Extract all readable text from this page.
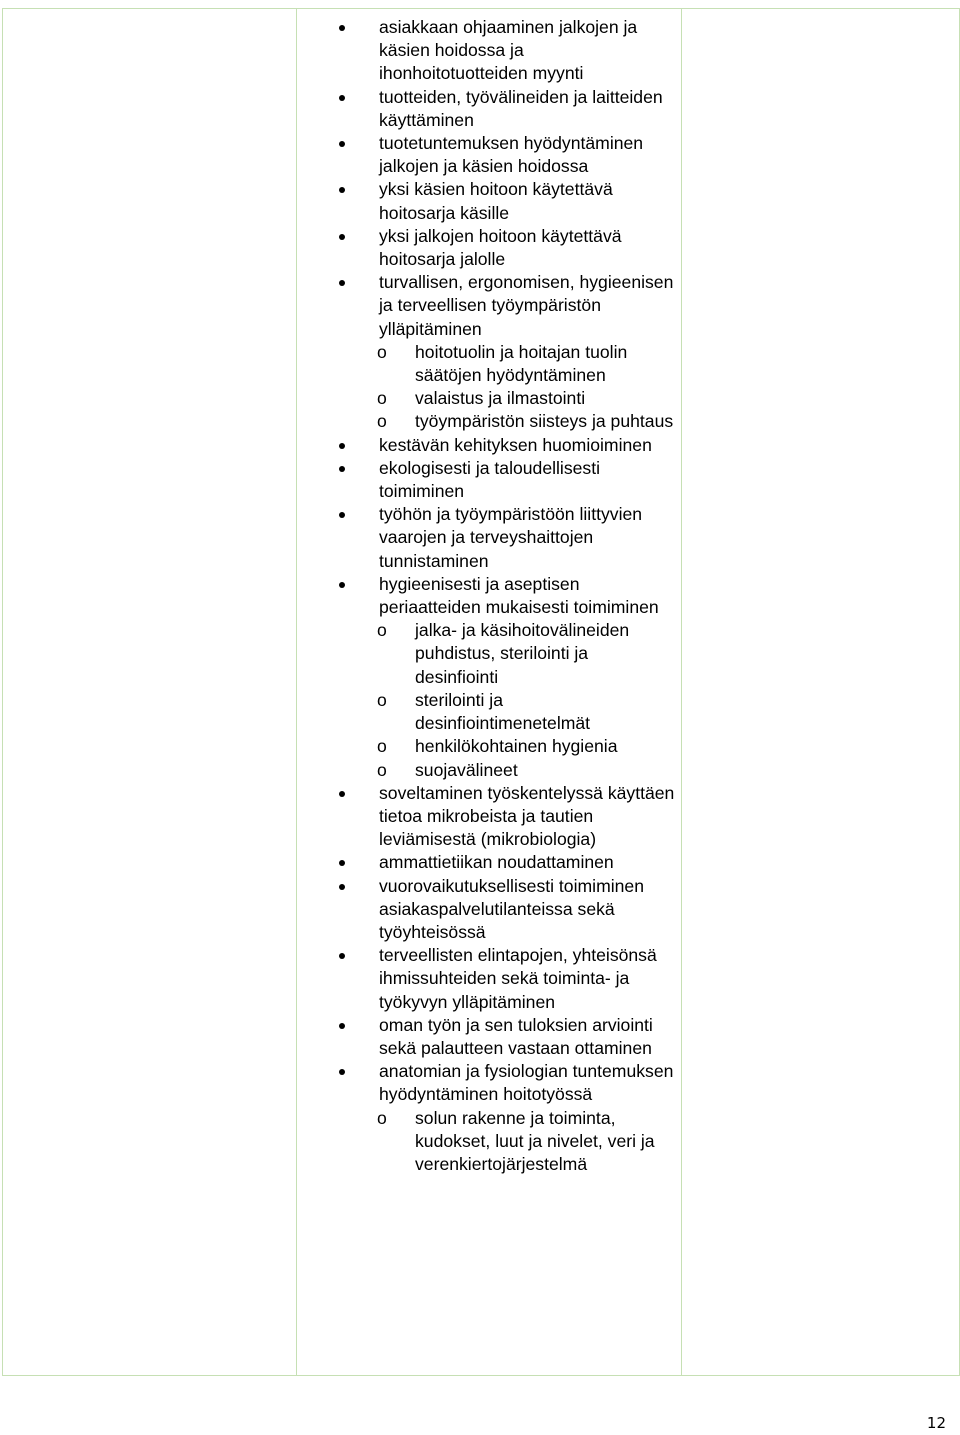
asiakkaan ohjaaminen jalkojen ja käsien hoidossa ja ihonhoitotuotteiden myynti
tuotteiden, työvälineiden ja laitteiden käyttäminen
tuotetuntemuksen hyödyntäminen jalkojen ja käsien hoidossa
yksi käsien hoitoon käytettävä hoitosarja käsille
yksi jalkojen hoitoon käytettävä hoitosarja jalolle
turvallisen, ergonomisen, hygieenisen ja terveellisen työympäristön ylläpitäminen
o hoitotuolin ja hoitajan tuolin säätöjen hyödyntäminen
o valaistus ja ilmastointi
o työympäristön siisteys ja puhtaus
kestävän kehityksen huomioiminen
ekologisesti ja taloudellisesti toimiminen
työhön ja työympäristöön liittyvien vaarojen ja terveyshaittojen tunnistaminen
hygieenisesti ja aseptisen periaatteiden mukaisesti toimiminen
o jalka- ja käsihoitovälineiden puhdistus, sterilointi ja desinfiointi
o sterilointi ja desinfiointimenetelmät
o henkilökohtainen hygienia
o suojavälineet
soveltaminen työskentelyssä käyttäen tietoa mikrobeista ja tautien leviämisestä (mikrobiologia)
ammattietiikan noudattaminen
vuorovaikutuksellisesti toimiminen asiakaspalvelutilanteissa sekä työyhteisössä
terveellisten elintapojen, yhteisönsä ihmissuhteiden sekä toiminta- ja työkyvyn ylläpitäminen
oman työn ja sen tuloksien arviointi sekä palautteen vastaan ottaminen
anatomian ja fysiologian tuntemuksen hyödyntäminen hoitotyössä
o solun rakenne ja toiminta, kudokset, luut ja nivelet, veri ja verenkiertojärjestelmä

12
